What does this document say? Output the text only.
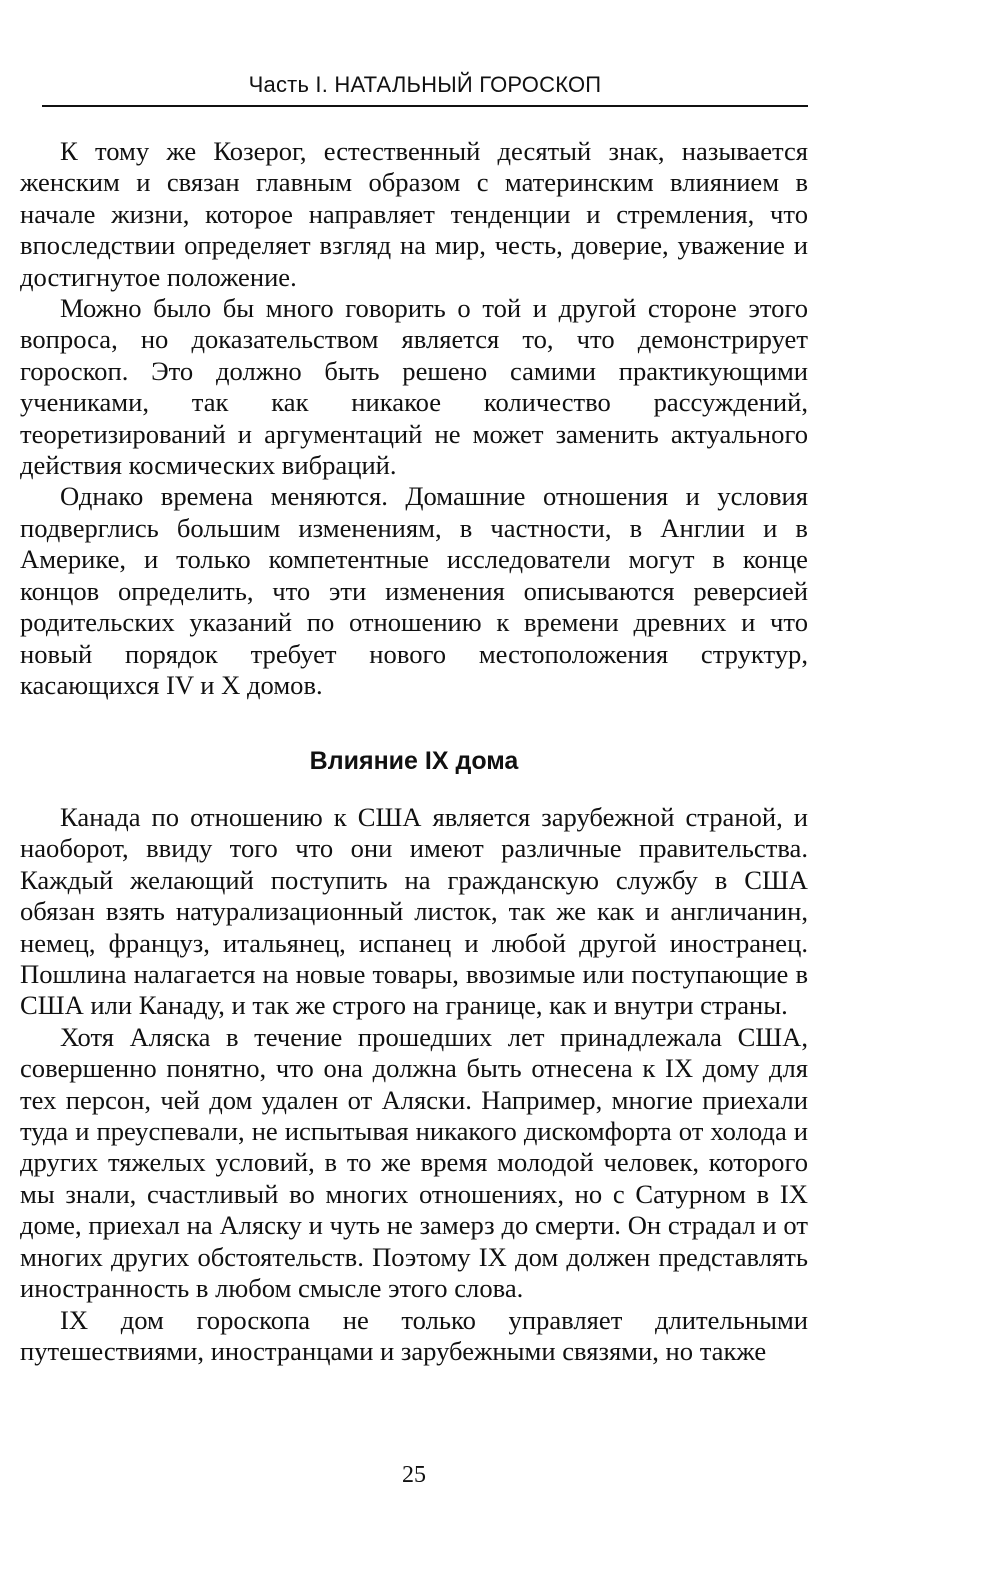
Часть I. НАТАЛЬНЫЙ ГОРОСКОП

К тому же Козерог, естественный десятый знак, называется женским и связан главным образом с материнским влиянием в начале жизни, которое направляет тенденции и стремления, что впоследствии определяет взгляд на мир, честь, доверие, уважение и достигнутое положение.

Можно было бы много говорить о той и другой стороне этого вопроса, но доказательством является то, что демонстрирует гороскоп. Это должно быть решено самими практикующими учениками, так как никакое количество рассуждений, теоретизирований и аргументаций не может заменить актуального действия космических вибраций.

Однако времена меняются. Домашние отношения и условия подверглись большим изменениям, в частности, в Англии и в Америке, и только компетентные исследователи могут в конце концов определить, что эти изменения описываются реверсией родительских указаний по отношению к времени древних и что новый порядок требует нового местоположения структур, касающихся IV и X домов.

Влияние IX дома

Канада по отношению к США является зарубежной страной, и наоборот, ввиду того что они имеют различные правительства. Каждый желающий поступить на гражданскую службу в США обязан взять натурализационный листок, так же как и англичанин, немец, француз, итальянец, испанец и любой другой иностранец. Пошлина налагается на новые товары, ввозимые или поступающие в США или Канаду, и так же строго на границе, как и внутри страны.

Хотя Аляска в течение прошедших лет принадлежала США, совершенно понятно, что она должна быть отнесена к IX дому для тех персон, чей дом удален от Аляски. Например, многие приехали туда и преуспевали, не испытывая никакого дискомфорта от холода и других тяжелых условий, в то же время молодой человек, которого мы знали, счастливый во многих отношениях, но с Сатурном в IX доме, приехал на Аляску и чуть не замерз до смерти. Он страдал и от многих других обстоятельств. Поэтому IX дом должен представлять иностранность в любом смысле этого слова.

IX дом гороскопа не только управляет длительными путешествиями, иностранцами и зарубежными связями, но также

25
